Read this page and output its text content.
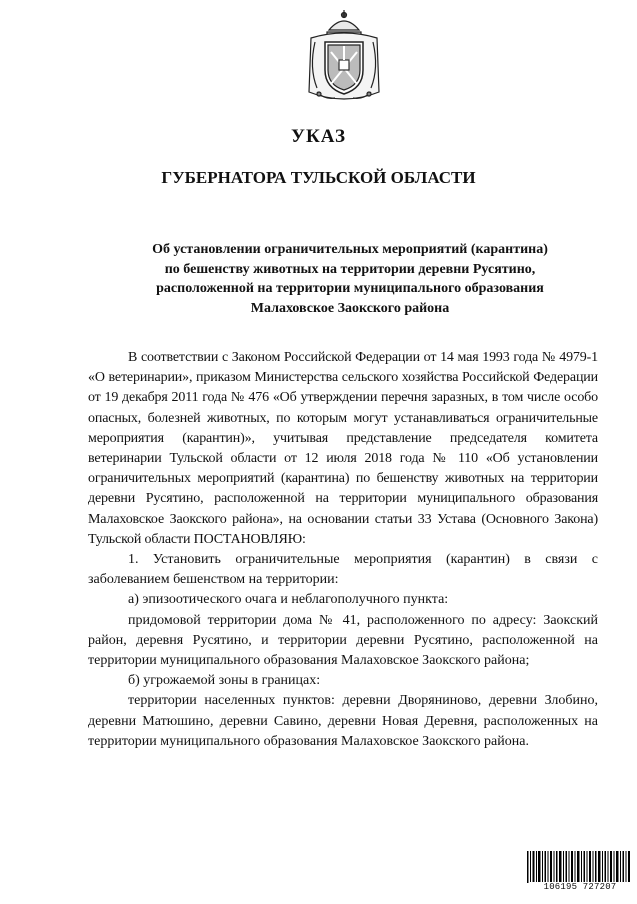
УКАЗ
ГУБЕРНАТОРА ТУЛЬСКОЙ ОБЛАСТИ
Об установлении ограничительных мероприятий (карантина)
по бешенству животных на территории деревни Русятино,
расположенной на территории муниципального образования
Малаховское Заокского района

В соответствии с Законом Российской Федерации от 14 мая 1993 года № 4979-1 «О ветеринарии», приказом Министерства сельского хозяйства Российской Федерации от 19 декабря 2011 года № 476 «Об утверждении перечня заразных, в том числе особо опасных, болезней животных, по которым могут устанавливаться ограничительные мероприятия (карантин)», учитывая представление председателя комитета ветеринарии Тульской области от 12 июля 2018 года № 110 «Об установлении ограничительных мероприятий (карантина) по бешенству животных на территории деревни Русятино, расположенной на территории муниципального образования Малаховское Заокского района», на основании статьи 33 Устава (Основного Закона) Тульской области ПОСТАНОВЛЯЮ:

1. Установить ограничительные мероприятия (карантин) в связи с заболеванием бешенством на территории:

а) эпизоотического очага и неблагополучного пункта:

придомовой территории дома № 41, расположенного по адресу: Заокский район, деревня Русятино, и территории деревни Русятино, расположенной на территории муниципального образования Малаховское Заокского района;

б) угрожаемой зоны в границах:

территории населенных пунктов: деревни Дворяниново, деревни Злобино, деревни Матюшино, деревни Савино, деревни Новая Деревня, расположенных на территории муниципального образования Малаховское Заокского района.

106195 727207
